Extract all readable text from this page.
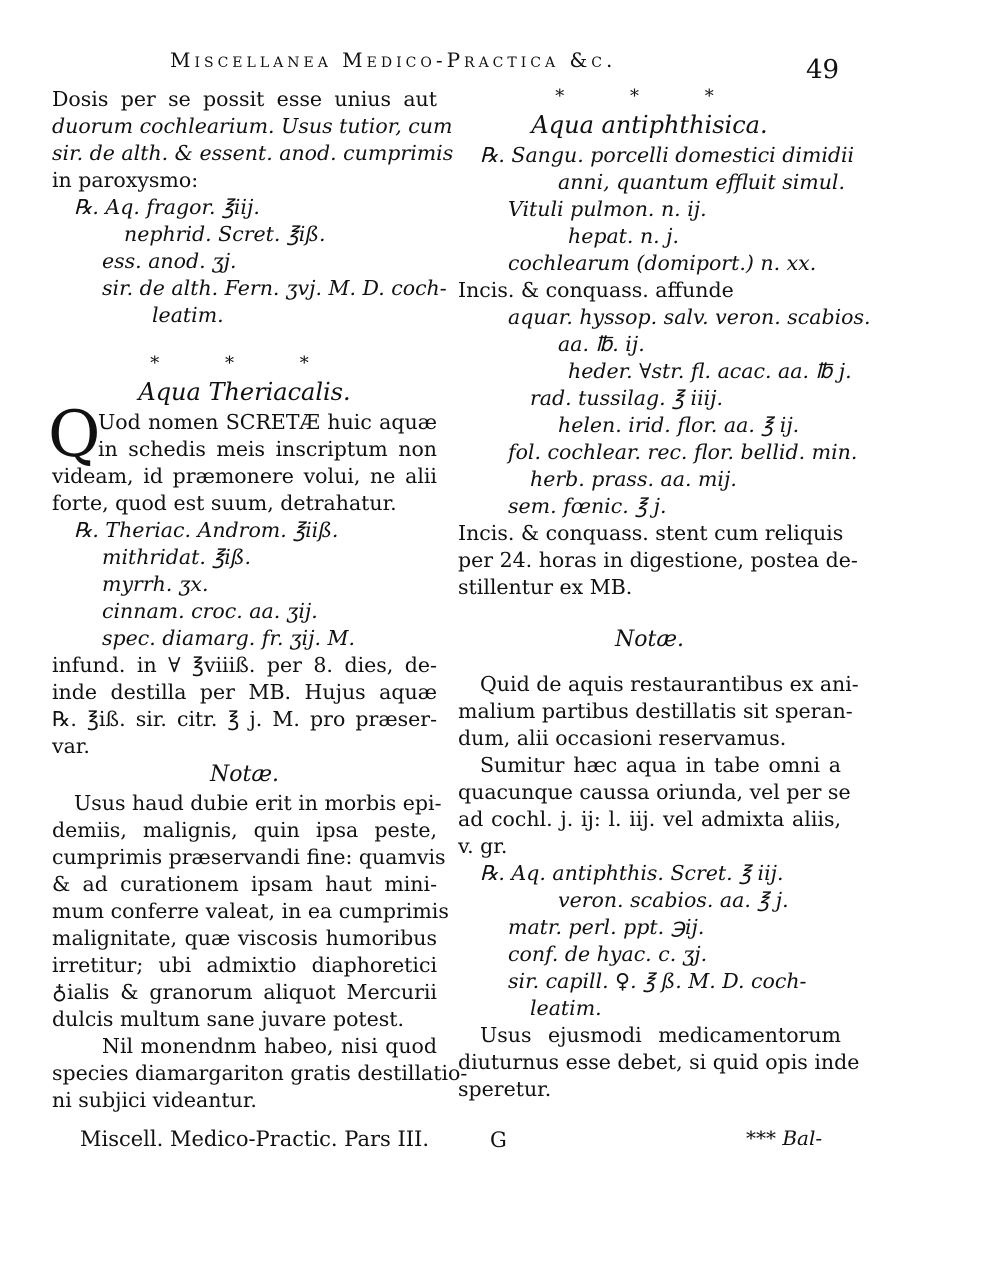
Miscellanea Medico-Practica &c.	49
Dosis per se possit esse unius aut
duorum cochlearium. Usus tutior, cum
sir. de alth. & essent. anod. cumprimis
in paroxysmo:
℞. Aq. fragor. ℥iij.
nephrid. Scret. ℥iß.
ess. anod. ʒj.
sir. de alth. Fern. ʒvj. M. D. coch-
leatim.
* * *
Aqua Theriacalis.
Q
Uod nomen SCRETÆ huic aquæ
in schedis meis inscriptum non
videam, id præmonere volui, ne alii
forte, quod est suum, detrahatur.
℞. Theriac. Androm. ℥iiß.
mithridat. ℥iß.
myrrh. ʒx.
cinnam. croc. aa. ʒij.
spec. diamarg. fr. ʒij. M.
infund. in ∀ ℥viiiß. per 8. dies, de-
inde destilla per MB. Hujus aquæ
℞. ℥iß. sir. citr. ℥ j. M. pro præser-
var.
Notæ.
Usus haud dubie erit in morbis epi-
demiis, malignis, quin ipsa peste,
cumprimis præservandi fine: quamvis
& ad curationem ipsam haut mini-
mum conferre valeat, in ea cumprimis
malignitate, quæ viscosis humoribus
irretitur; ubi admixtio diaphoretici
♁ialis & granorum aliquot Mercurii
dulcis multum sane juvare potest.
Nil monendnm habeo, nisi quod
species diamargariton gratis destillatio-
ni subjici videantur.
* * *
Aqua antiphthisica.
℞. Sangu. porcelli domestici dimidii
anni, quantum effluit simul.
Vituli pulmon. n. ij.
hepat. n. j.
cochlearum (domiport.) n. xx.
Incis. & conquass. affunde
aquar. hyssop. salv. veron. scabios.
aa. ℔. ij.
heder. ∀str. fl. acac. aa. ℔ j.
rad. tussilag. ℥ iiij.
helen. irid. flor. aa. ℥ ij.
fol. cochlear. rec. flor. bellid. min.
herb. prass. aa. mij.
sem. fœnic. ℥ j.
Incis. & conquass. stent cum reliquis
per 24. horas in digestione, postea de-
stillentur ex MB.
Notæ.
Quid de aquis restaurantibus ex ani-
malium partibus destillatis sit speran-
dum, alii occasioni reservamus.
Sumitur hæc aqua in tabe omni a
quacunque caussa oriunda, vel per se
ad cochl. j. ij: l. iij. vel admixta aliis,
v. gr.
℞. Aq. antiphthis. Scret. ℥ iij.
veron. scabios. aa. ℥ j.
matr. perl. ppt. ℈ij.
conf. de hyac. c. ʒj.
sir. capill. ♀. ℥ ß. M. D. coch-
leatim.
Usus ejusmodi medicamentorum
diuturnus esse debet, si quid opis inde
speretur.
Miscell. Medico-Practic. Pars III.	G	*** Bal-
